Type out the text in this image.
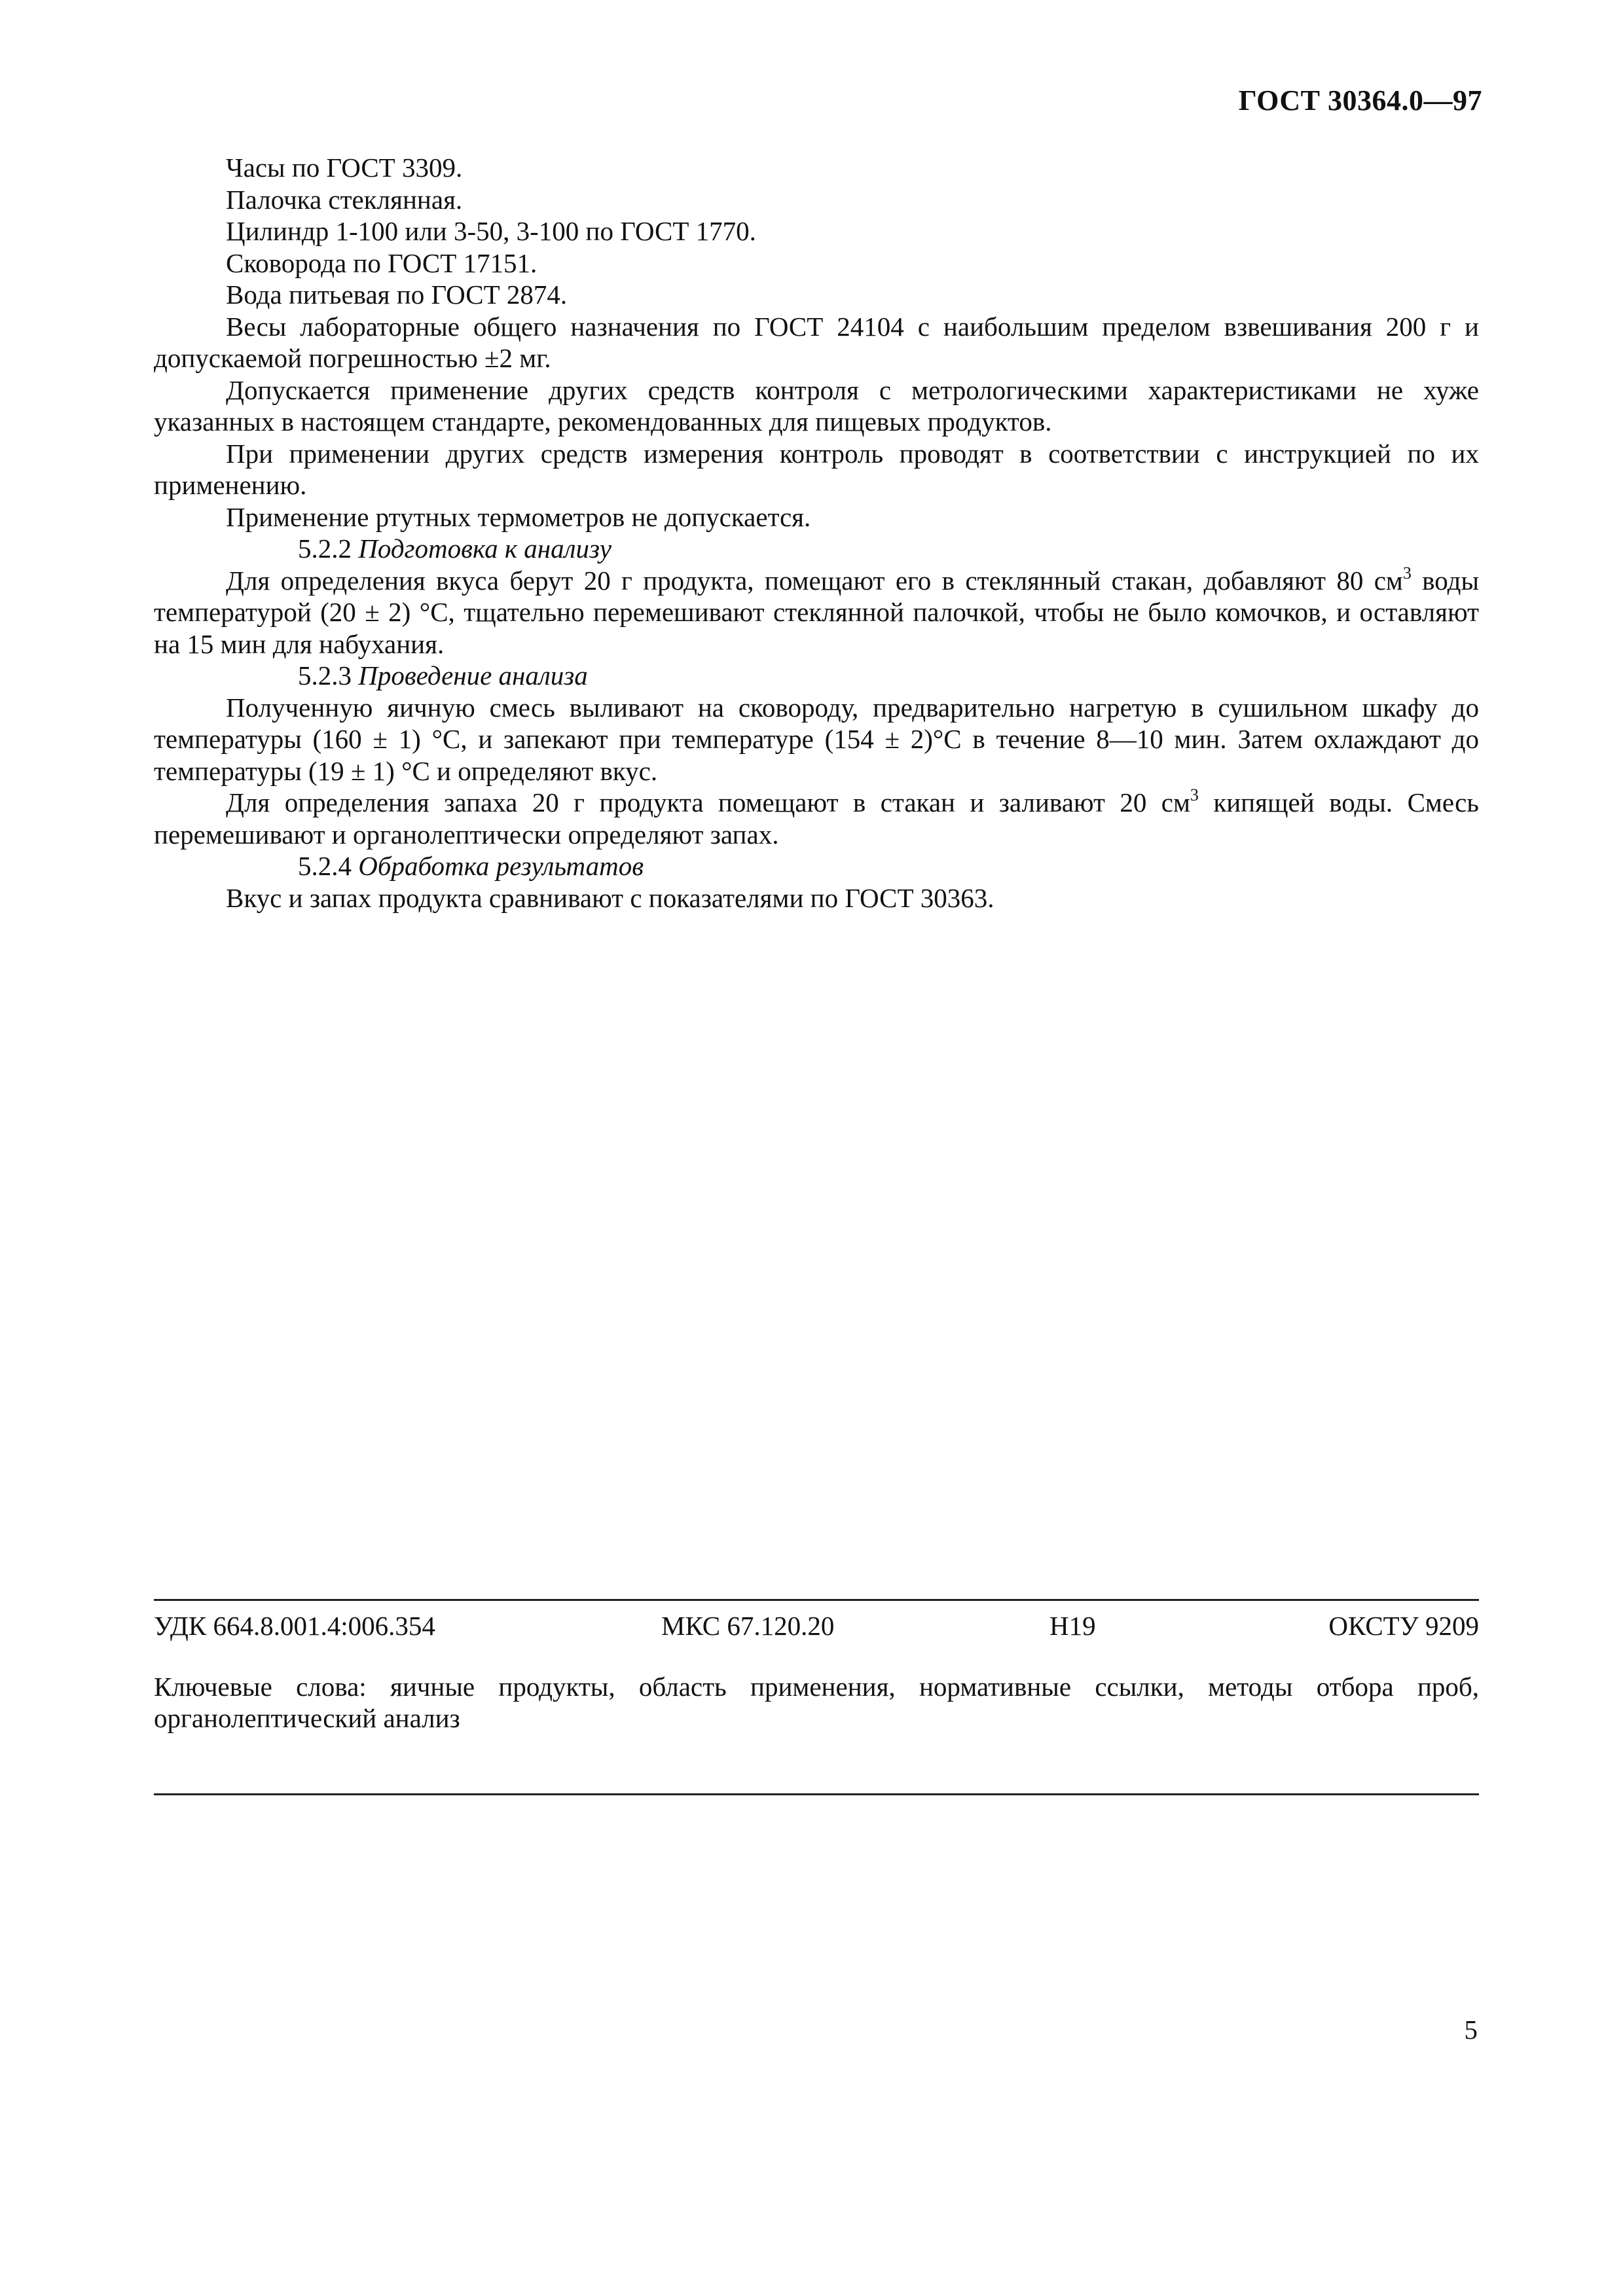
ГОСТ 30364.0—97

Часы по ГОСТ 3309.

Палочка стеклянная.

Цилиндр 1-100 или 3-50, 3-100 по ГОСТ 1770.

Сковорода по ГОСТ 17151.

Вода питьевая по ГОСТ 2874.

Весы лабораторные общего назначения по ГОСТ 24104 с наибольшим пределом взвешивания 200 г и допускаемой погрешностью ±2 мг.

Допускается применение других средств контроля с метрологическими характеристиками не хуже указанных в настоящем стандарте, рекомендованных для пищевых продуктов.

При применении других средств измерения контроль проводят в соответствии с инструкцией по их применению.

Применение ртутных термометров не допускается.

5.2.2 Подготовка к анализу

Для определения вкуса берут 20 г продукта, помещают его в стеклянный стакан, добавляют 80 $см^3$ воды температурой (20 ± 2) °С, тщательно перемешивают стеклянной палочкой, чтобы не было комочков, и оставляют на 15 мин для набухания.

5.2.3 Проведение анализа

Полученную яичную смесь выливают на сковороду, предварительно нагретую в сушильном шкафу до температуры (160 ± 1) °С, и запекают при температуре (154 ± 2)°С в течение 8—10 мин. Затем охлаждают до температуры (19 ± 1) °С и определяют вкус.

Для определения запаха 20 г продукта помещают в стакан и заливают 20 $см^3$ кипящей воды. Смесь перемешивают и органолептически определяют запах.

5.2.4 Обработка результатов

Вкус и запах продукта сравнивают с показателями по ГОСТ 30363.

УДК 664.8.001.4:006.354	МКС 67.120.20	Н19	ОКСТУ 9209

Ключевые слова: яичные продукты, область применения, нормативные ссылки, методы отбора проб, органолептический анализ

5
